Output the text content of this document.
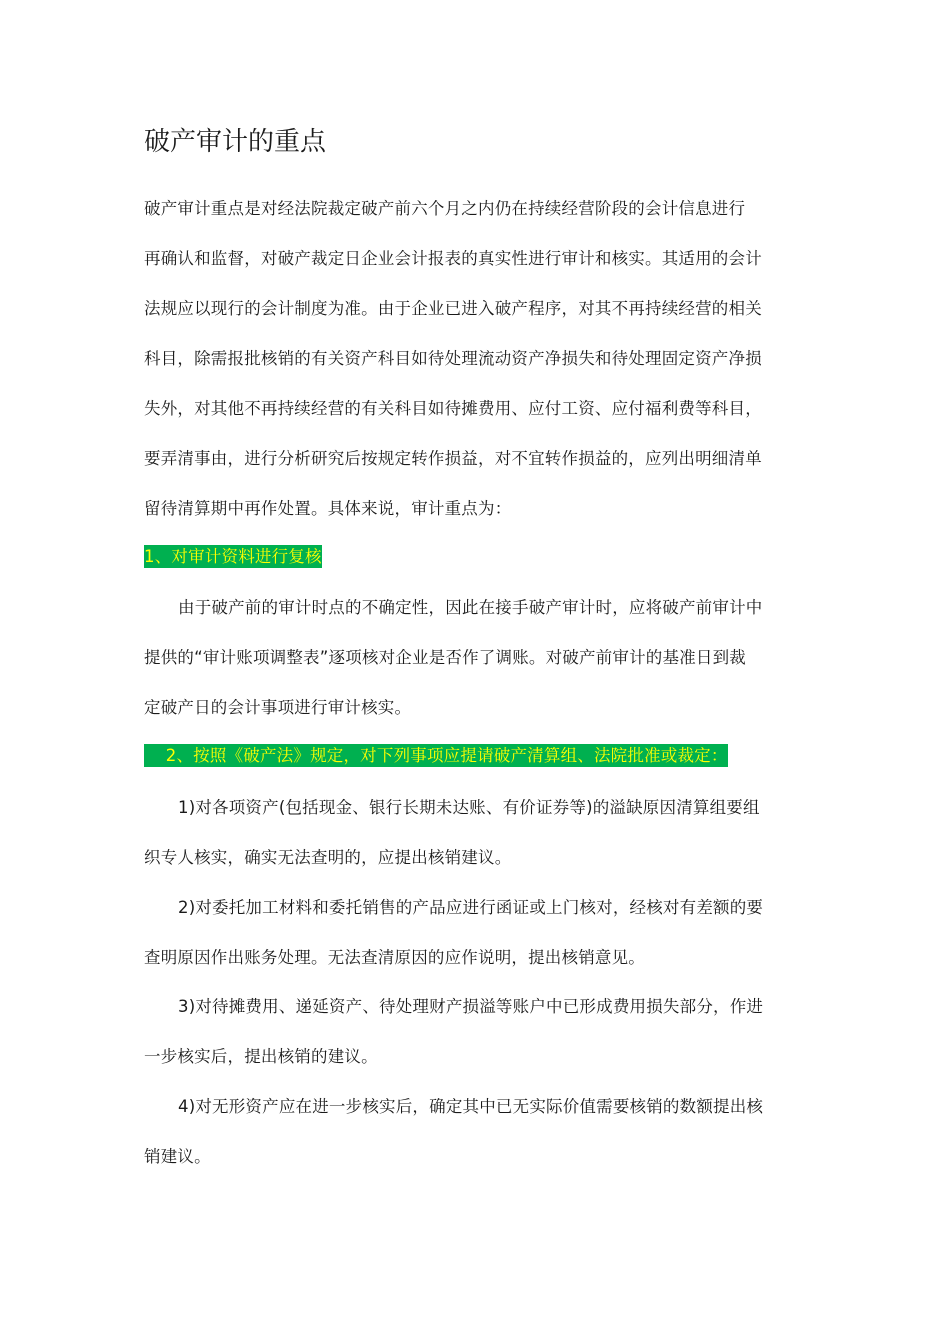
破产审计的重点
破产审计重点是对经法院裁定破产前六个月之内仍在持续经营阶段的会计信息进行
再确认和监督，对破产裁定日企业会计报表的真实性进行审计和核实。其适用的会计
法规应以现行的会计制度为准。由于企业已进入破产程序，对其不再持续经营的相关
科目，除需报批核销的有关资产科目如待处理流动资产净损失和待处理固定资产净损
失外，对其他不再持续经营的有关科目如待摊费用、应付工资、应付福利费等科目，
要弄清事由，进行分析研究后按规定转作损益，对不宜转作损益的，应列出明细清单
留待清算期中再作处置。具体来说，审计重点为：
1、对审计资料进行复核
由于破产前的审计时点的不确定性，因此在接手破产审计时，应将破产前审计中
提供的“审计账项调整表”逐项核对企业是否作了调账。对破产前审计的基准日到裁
定破产日的会计事项进行审计核实。
2、按照《破产法》规定，对下列事项应提请破产清算组、法院批准或裁定：
1)对各项资产(包括现金、银行长期未达账、有价证券等)的溢缺原因清算组要组
织专人核实，确实无法查明的，应提出核销建议。
2)对委托加工材料和委托销售的产品应进行函证或上门核对，经核对有差额的要
查明原因作出账务处理。无法查清原因的应作说明，提出核销意见。
3)对待摊费用、递延资产、待处理财产损溢等账户中已形成费用损失部分，作进
一步核实后，提出核销的建议。
4)对无形资产应在进一步核实后，确定其中已无实际价值需要核销的数额提出核
销建议。
